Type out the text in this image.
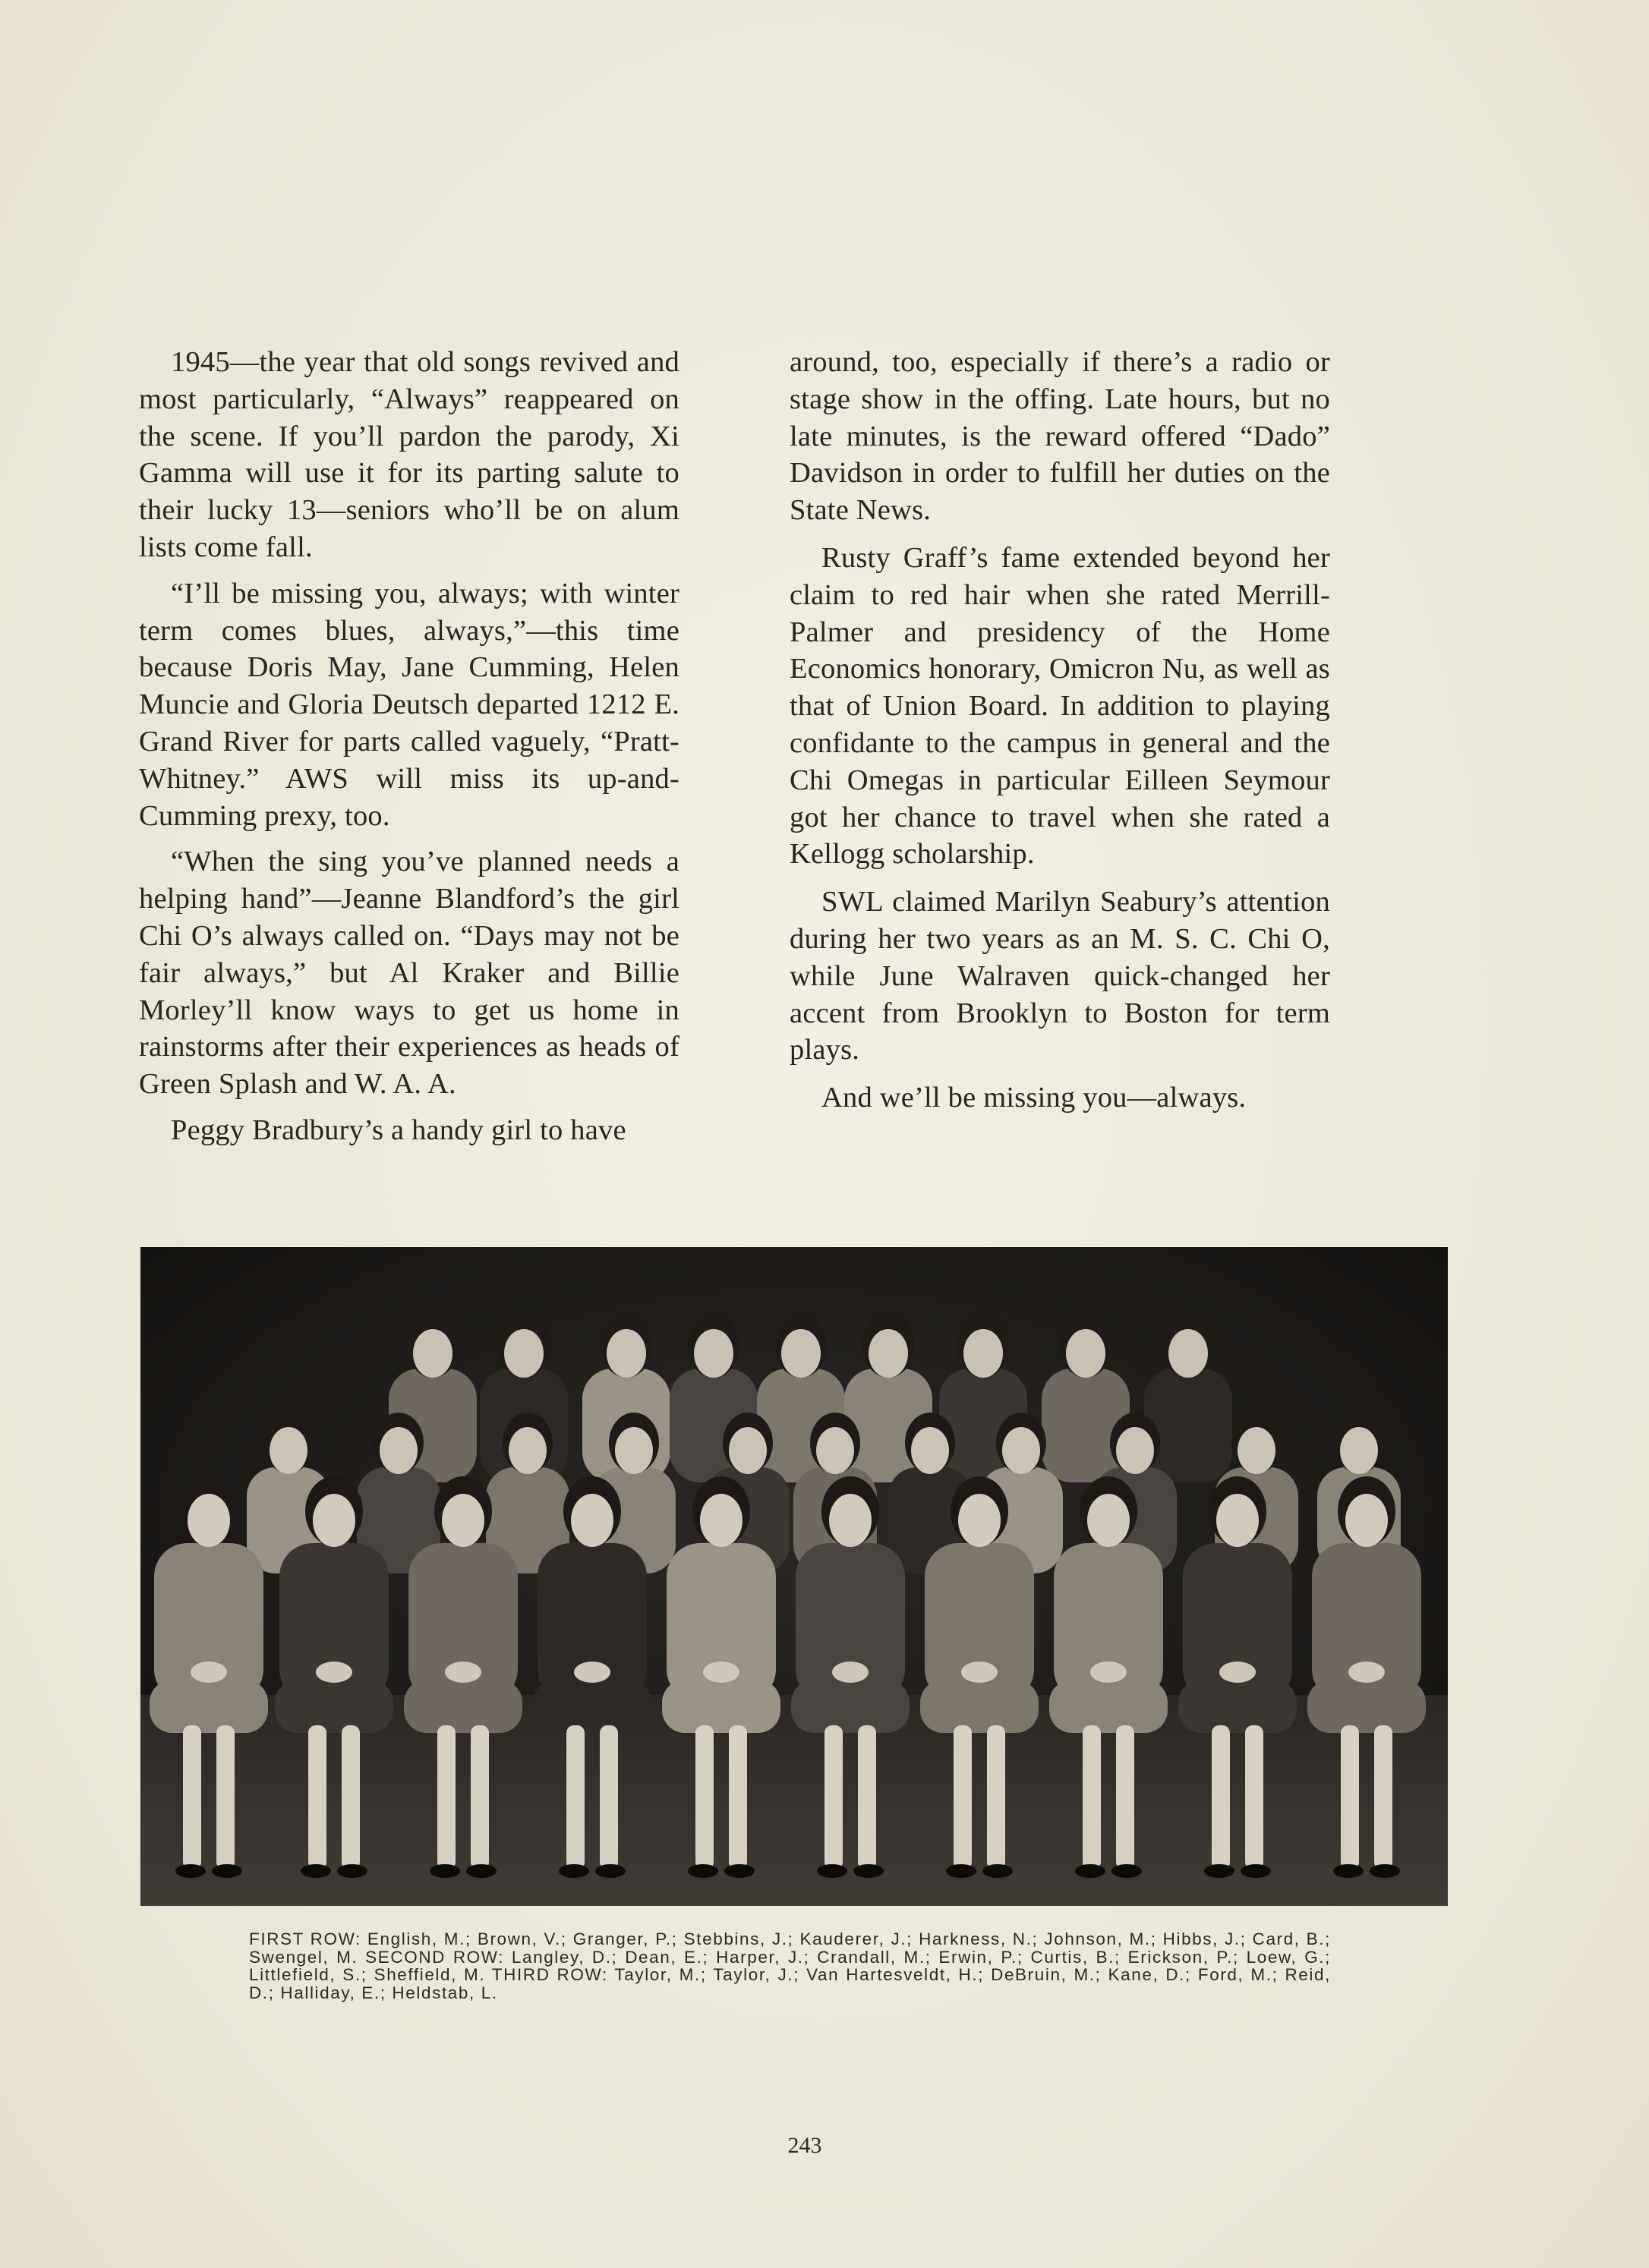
1945—the year that old songs revived and most particularly, “Always” reappeared on the scene. If you’ll pardon the parody, Xi Gamma will use it for its parting salute to their lucky 13—seniors who’ll be on alum lists come fall.

“I’ll be missing you, always; with winter term comes blues, always,”—this time because Doris May, Jane Cumming, Helen Muncie and Gloria Deutsch departed 1212 E. Grand River for parts called vaguely, “Pratt-Whitney.” AWS will miss its up-and-Cumming prexy, too.

“When the sing you’ve planned needs a helping hand”—Jeanne Blandford’s the girl Chi O’s always called on. “Days may not be fair always,” but Al Kraker and Billie Morley’ll know ways to get us home in rainstorms after their experiences as heads of Green Splash and W. A. A.

Peggy Bradbury’s a handy girl to have

around, too, especially if there’s a radio or stage show in the offing. Late hours, but no late minutes, is the reward offered “Dado” Davidson in order to fulfill her duties on the State News.

Rusty Graff’s fame extended beyond her claim to red hair when she rated Merrill-Palmer and presidency of the Home Economics honorary, Omicron Nu, as well as that of Union Board. In addition to playing confidante to the campus in general and the Chi Omegas in particular Eilleen Seymour got her chance to travel when she rated a Kellogg scholarship.

SWL claimed Marilyn Seabury’s attention during her two years as an M. S. C. Chi O, while June Walraven quick-changed her accent from Brooklyn to Boston for term plays.

And we’ll be missing you—always.

FIRST ROW: English, M.; Brown, V.; Granger, P.; Stebbins, J.; Kauderer, J.; Harkness, N.; Johnson, M.; Hibbs, J.; Card, B.; Swengel, M. SECOND ROW: Langley, D.; Dean, E.; Harper, J.; Crandall, M.; Erwin, P.; Curtis, B.; Erickson, P.; Loew, G.; Littlefield, S.; Sheffield, M. THIRD ROW: Taylor, M.; Taylor, J.; Van Hartesveldt, H.; DeBruin, M.; Kane, D.; Ford, M.; Reid, D.; Halliday, E.; Heldstab, L.
243
